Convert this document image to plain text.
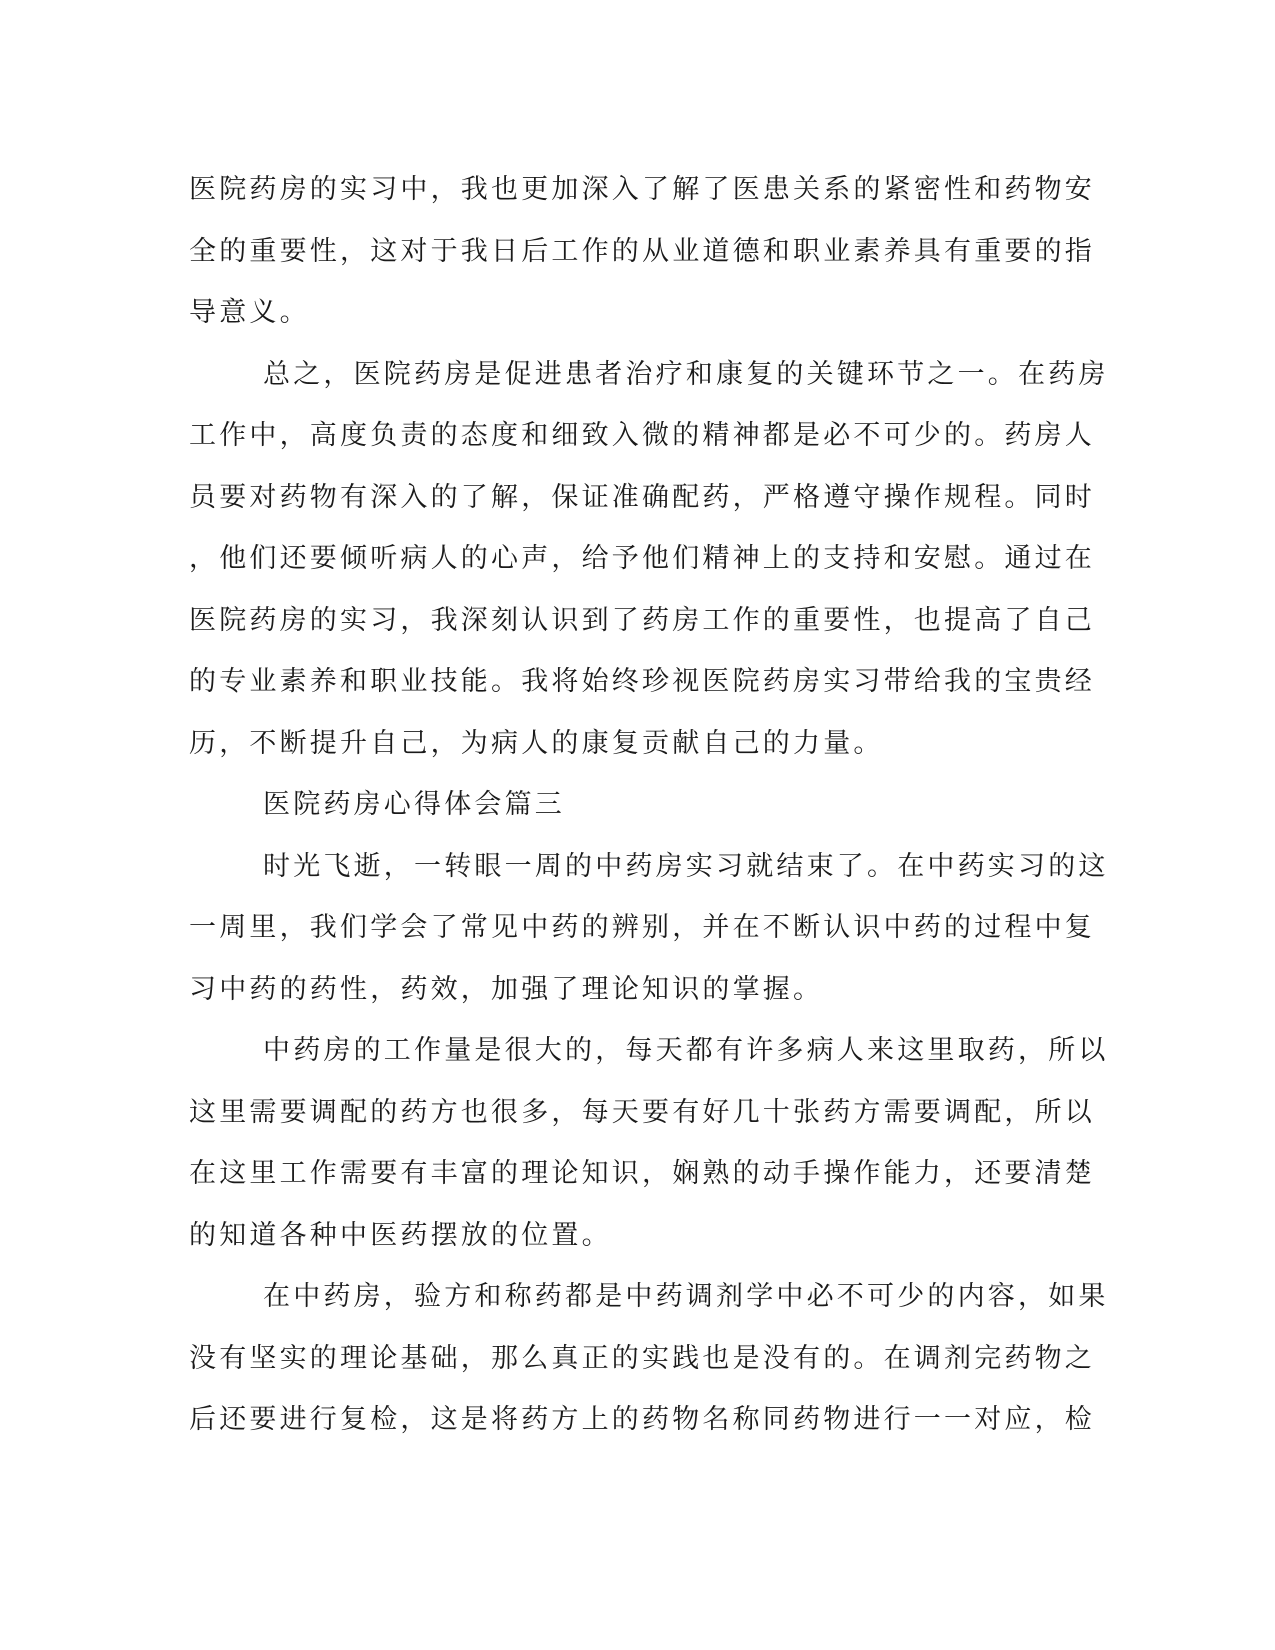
医院药房的实习中，我也更加深入了解了医患关系的紧密性和药物安
全的重要性，这对于我日后工作的从业道德和职业素养具有重要的指
导意义。
总之，医院药房是促进患者治疗和康复的关键环节之一。在药房
工作中，高度负责的态度和细致入微的精神都是必不可少的。药房人
员要对药物有深入的了解，保证准确配药，严格遵守操作规程。同时
，他们还要倾听病人的心声，给予他们精神上的支持和安慰。通过在
医院药房的实习，我深刻认识到了药房工作的重要性，也提高了自己
的专业素养和职业技能。我将始终珍视医院药房实习带给我的宝贵经
历，不断提升自己，为病人的康复贡献自己的力量。
医院药房心得体会篇三
时光飞逝，一转眼一周的中药房实习就结束了。在中药实习的这
一周里，我们学会了常见中药的辨别，并在不断认识中药的过程中复
习中药的药性，药效，加强了理论知识的掌握。
中药房的工作量是很大的，每天都有许多病人来这里取药，所以
这里需要调配的药方也很多，每天要有好几十张药方需要调配，所以
在这里工作需要有丰富的理论知识，娴熟的动手操作能力，还要清楚
的知道各种中医药摆放的位置。
在中药房，验方和称药都是中药调剂学中必不可少的内容，如果
没有坚实的理论基础，那么真正的实践也是没有的。在调剂完药物之
后还要进行复检，这是将药方上的药物名称同药物进行一一对应，检
